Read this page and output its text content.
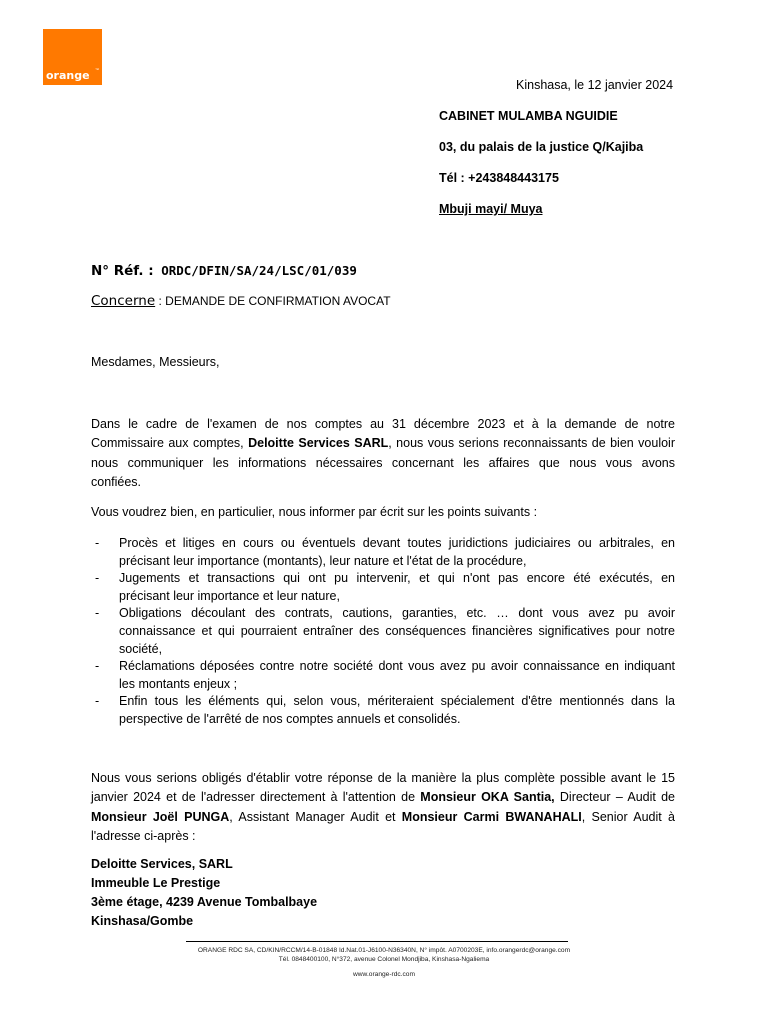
orange ™
Kinshasa, le 12 janvier 2024
CABINET MULAMBA NGUIDIE
03, du palais de la justice Q/Kajiba
Tél : +243848443175
Mbuji mayi/ Muya
N° Réf. : ORDC/DFIN/SA/24/LSC/01/039
Concerne : DEMANDE DE CONFIRMATION AVOCAT
Mesdames, Messieurs,
Dans le cadre de l'examen de nos comptes au 31 décembre 2023 et à la demande de notre
Commissaire aux comptes, Deloitte Services SARL, nous vous serions reconnaissants de bien vouloir
nous communiquer les informations nécessaires concernant les affaires que nous vous avons
confiées.
Vous voudrez bien, en particulier, nous informer par écrit sur les points suivants :
- Procès et litiges en cours ou éventuels devant toutes juridictions judiciaires ou arbitrales, en
précisant leur importance (montants), leur nature et l'état de la procédure,
- Jugements et transactions qui ont pu intervenir, et qui n'ont pas encore été exécutés, en
précisant leur importance et leur nature,
- Obligations découlant des contrats, cautions, garanties, etc. … dont vous avez pu avoir
connaissance et qui pourraient entraîner des conséquences financières significatives pour notre
société,
- Réclamations déposées contre notre société dont vous avez pu avoir connaissance en indiquant
les montants enjeux ;
- Enfin tous les éléments qui, selon vous, mériteraient spécialement d'être mentionnés dans la
perspective de l'arrêté de nos comptes annuels et consolidés.
Nous vous serions obligés d'établir votre réponse de la manière la plus complète possible avant le 15
janvier 2024 et de l'adresser directement à l'attention de Monsieur OKA Santia, Directeur – Audit de
Monsieur Joël PUNGA, Assistant Manager Audit et Monsieur Carmi BWANAHALI, Senior Audit à
l'adresse ci-après :
Deloitte Services, SARL
Immeuble Le Prestige
3ème étage, 4239 Avenue Tombalbaye
Kinshasa/Gombe
ORANGE RDC SA, CD/KIN/RCCM/14-B-01848 Id.Nat.01-J6100-N36340N, N° impôt. A0700203E, info.orangerdc@orange.com
Tél. 0848400100, N°372, avenue Colonel Mondjiba, Kinshasa-Ngaliema
www.orange-rdc.com
